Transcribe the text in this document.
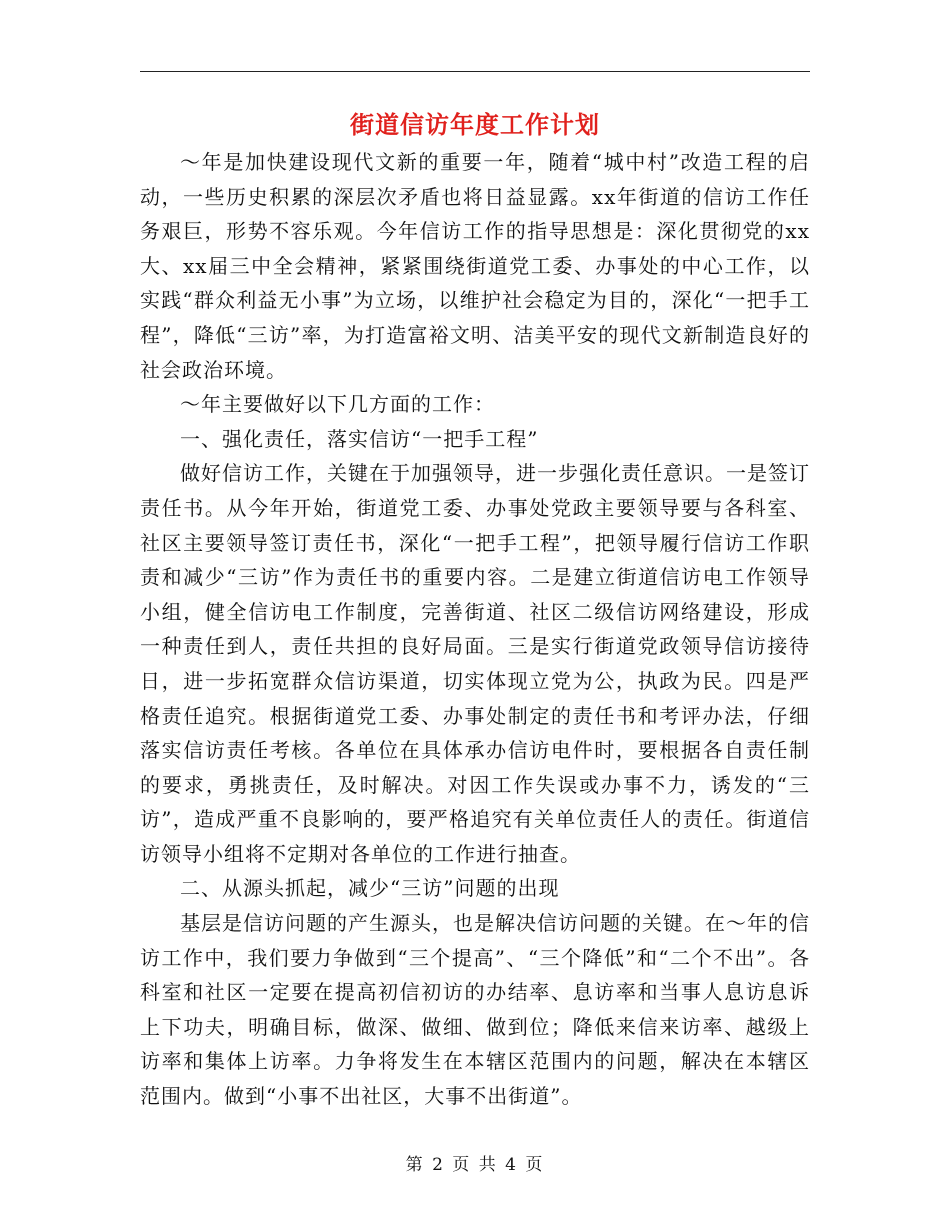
街道信访年度工作计划

～年是加快建设现代文新的重要一年，随着“城中村”改造工程的启动，一些历史积累的深层次矛盾也将日益显露。xx年街道的信访工作任务艰巨，形势不容乐观。今年信访工作的指导思想是：深化贯彻党的xx大、xx届三中全会精神，紧紧围绕街道党工委、办事处的中心工作，以实践“群众利益无小事”为立场，以维护社会稳定为目的，深化“一把手工程”，降低“三访”率，为打造富裕文明、洁美平安的现代文新制造良好的社会政治环境。

～年主要做好以下几方面的工作：

一、强化责任，落实信访“一把手工程”

做好信访工作，关键在于加强领导，进一步强化责任意识。一是签订责任书。从今年开始，街道党工委、办事处党政主要领导要与各科室、社区主要领导签订责任书，深化“一把手工程”，把领导履行信访工作职责和减少“三访”作为责任书的重要内容。二是建立街道信访电工作领导小组，健全信访电工作制度，完善街道、社区二级信访网络建设，形成一种责任到人，责任共担的良好局面。三是实行街道党政领导信访接待日，进一步拓宽群众信访渠道，切实体现立党为公，执政为民。四是严格责任追究。根据街道党工委、办事处制定的责任书和考评办法，仔细落实信访责任考核。各单位在具体承办信访电件时，要根据各自责任制的要求，勇挑责任，及时解决。对因工作失误或办事不力，诱发的“三访”，造成严重不良影响的，要严格追究有关单位责任人的责任。街道信访领导小组将不定期对各单位的工作进行抽查。

二、从源头抓起，减少“三访”问题的出现

基层是信访问题的产生源头，也是解决信访问题的关键。在～年的信访工作中，我们要力争做到“三个提高”、“三个降低”和“二个不出”。各科室和社区一定要在提高初信初访的办结率、息访率和当事人息访息诉上下功夫，明确目标，做深、做细、做到位；降低来信来访率、越级上访率和集体上访率。力争将发生在本辖区范围内的问题，解决在本辖区范围内。做到“小事不出社区，大事不出街道”。

第 2 页 共 4 页
